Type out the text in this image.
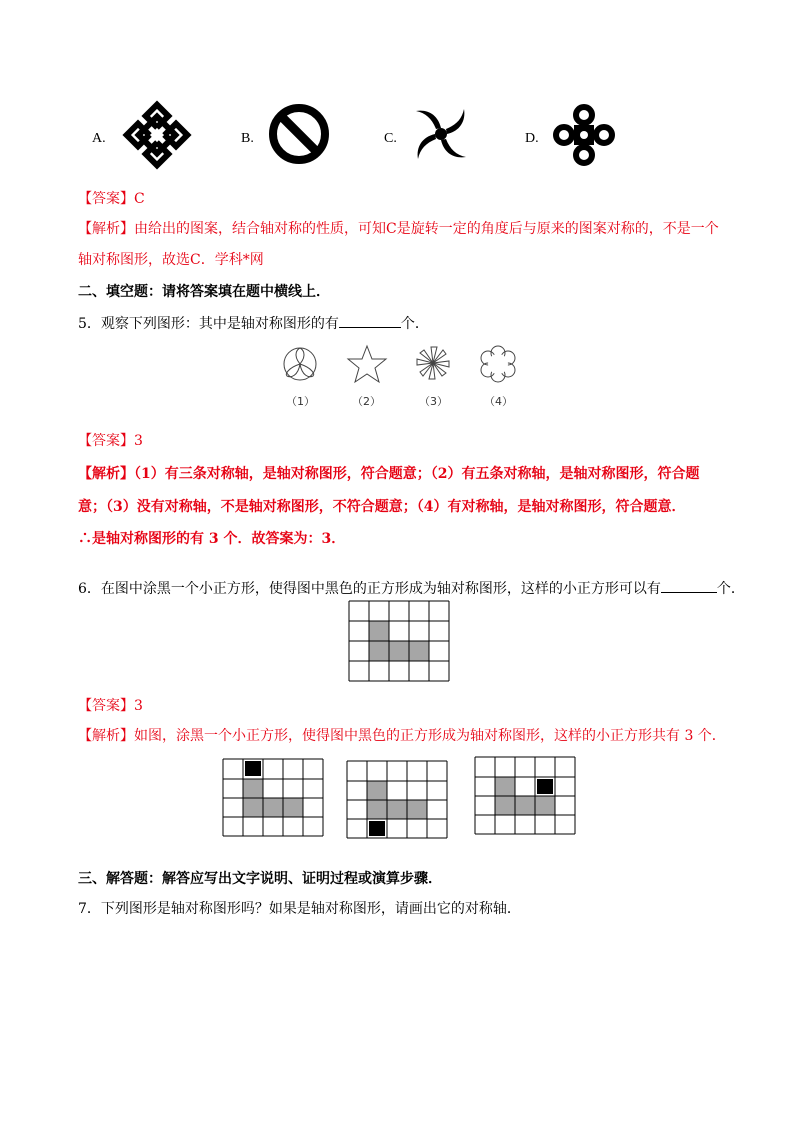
A.	B.	C.	D.
【答案】C
【解析】由给出的图案，结合轴对称的性质，可知C是旋转一定的角度后与原来的图案对称的，不是一个
轴对称图形，故选C．学科*网
二、填空题：请将答案填在题中横线上．
5．观察下列图形：其中是轴对称图形的有	个．
（1）	（2）	（3）	（4）
【答案】3
【解析】（1）有三条对称轴，是轴对称图形，符合题意；（2）有五条对称轴，是轴对称图形，符合题
意；（3）没有对称轴，不是轴对称图形，不符合题意；（4）有对称轴，是轴对称图形，符合题意．
∴是轴对称图形的有 3 个．故答案为：3．
6．在图中涂黑一个小正方形，使得图中黑色的正方形成为轴对称图形，这样的小正方形可以有	个．
【答案】3
【解析】如图，涂黑一个小正方形，使得图中黑色的正方形成为轴对称图形，这样的小正方形共有 3 个．
三、解答题：解答应写出文字说明、证明过程或演算步骤．
7．下列图形是轴对称图形吗？如果是轴对称图形，请画出它的对称轴．
